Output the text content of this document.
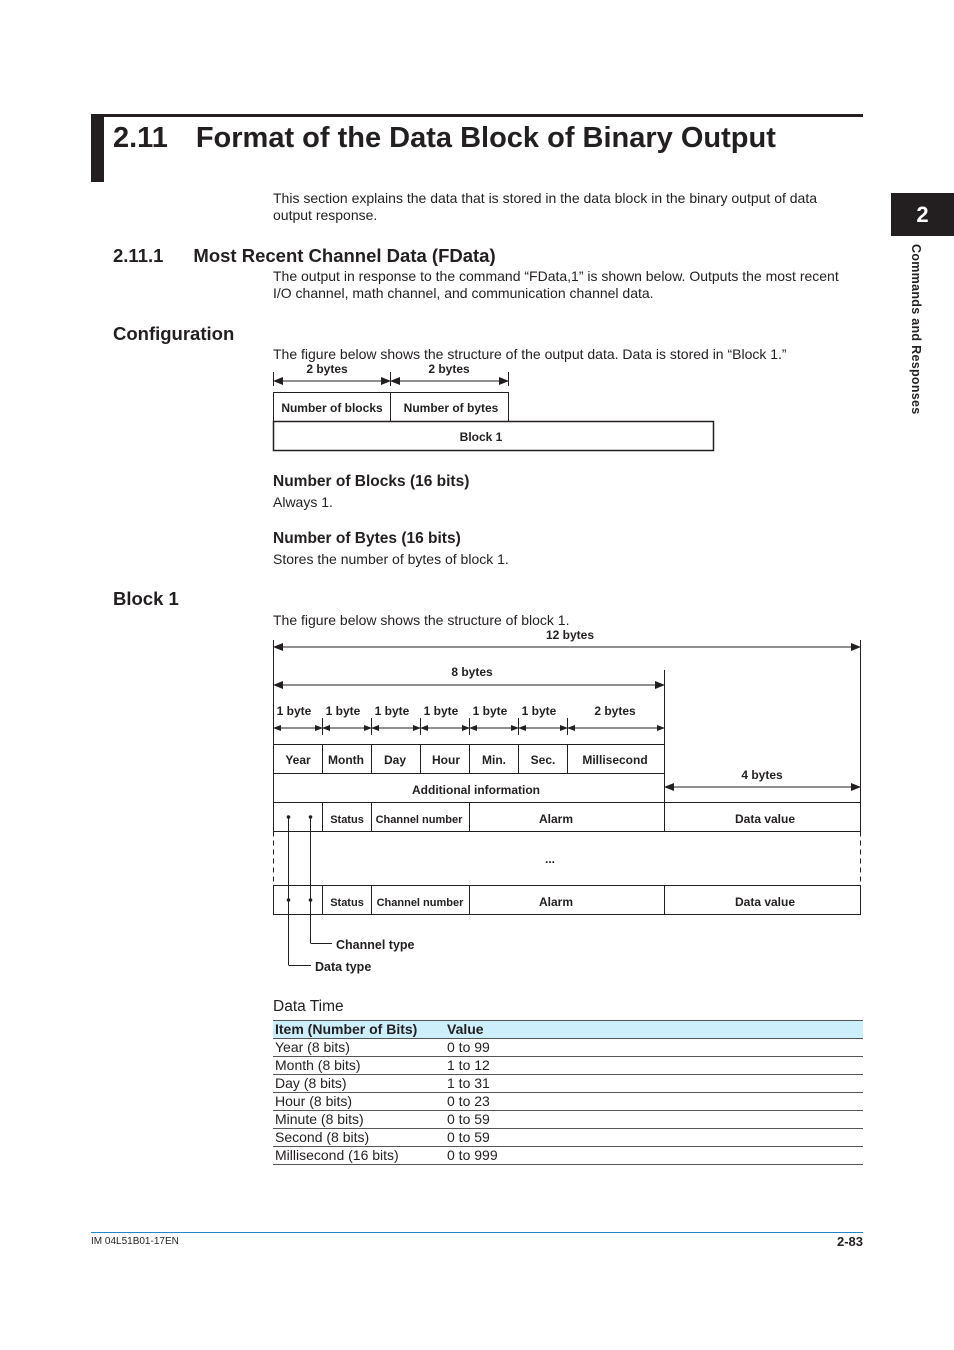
2.11 Format of the Data Block of Binary Output
2
Commands and Responses
This section explains the data that is stored in the data block in the binary output of data output response.
2.11.1 Most Recent Channel Data (FData)
The output in response to the command “FData,1” is shown below. Outputs the most recent I/O channel, math channel, and communication channel data.
Configuration
The figure below shows the structure of the output data. Data is stored in “Block 1.”
2 bytes	2 bytes
Number of blocks Number of bytes
Block 1
Number of Blocks (16 bits)
Always 1.
Number of Bytes (16 bits)
Stores the number of bytes of block 1.
Block 1
The figure below shows the structure of block 1.
12 bytes
8 bytes
4 bytes
1 byte 1 byte 1 byte 1 byte 1 byte 1 byte	2 bytes
Year Month Day Hour Min. Sec. Millisecond
Additional information
Status Channel number	Alarm	Data value
...
Status Channel number	Alarm	Data value
Channel type
Data type
Data Time
Item (Number of Bits)	Value
Year (8 bits)	0 to 99
Month (8 bits)	1 to 12
Day (8 bits)	1 to 31
Hour (8 bits)	0 to 23
Minute (8 bits)	0 to 59
Second (8 bits)	0 to 59
Millisecond (16 bits)	0 to 999
IM 04L51B01-17EN	2-83
